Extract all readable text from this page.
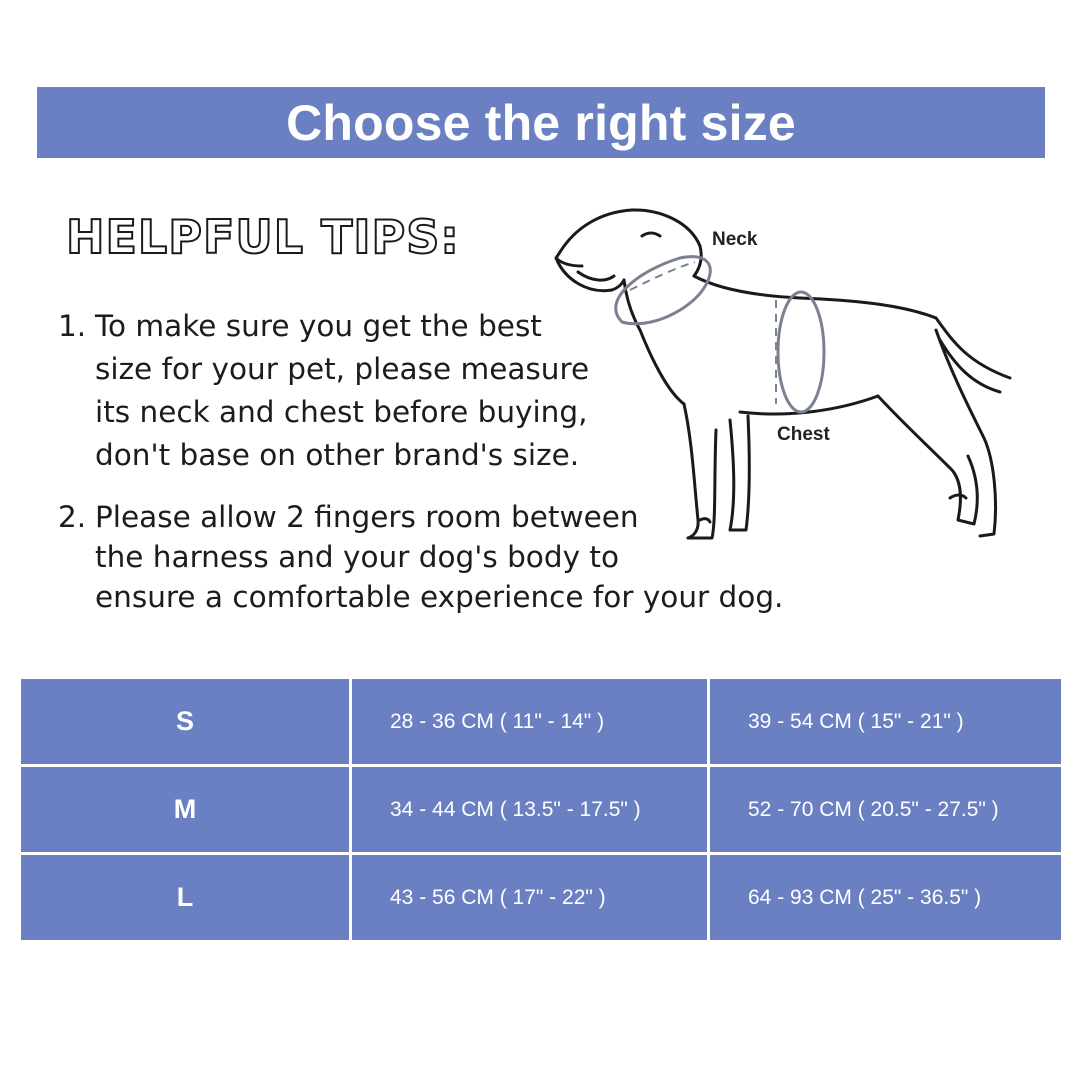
Choose the right size
HELPFUL TIPS:
1. To make sure you get the best
size for your pet, please measure
its neck and chest before buying,
don't base on other brand's size.
2. Please allow 2 fingers room between
the harness and your dog's body to
ensure a comfortable experience for your dog.
Neck
Chest
S	28 - 36 CM ( 11" - 14" )	39 - 54 CM ( 15" - 21" )
M	34 - 44 CM ( 13.5" - 17.5" )	52 - 70 CM ( 20.5" - 27.5" )
L	43 - 56 CM ( 17" - 22" )	64 - 93 CM ( 25" - 36.5" )
